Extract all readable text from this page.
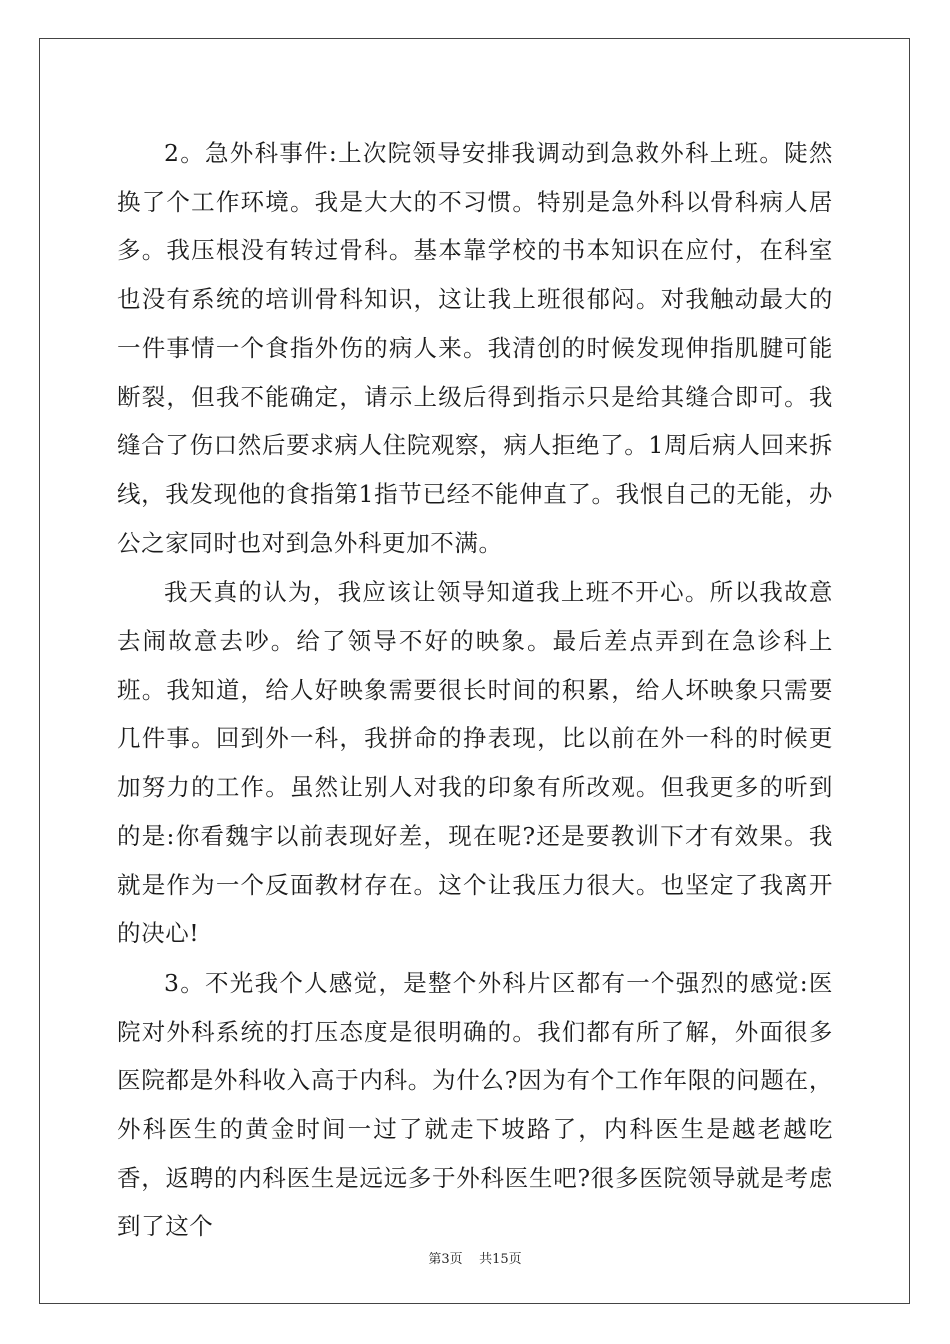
2。急外科事件:上次院领导安排我调动到急救外科上班。陡然换了个工作环境。我是大大的不习惯。特别是急外科以骨科病人居多。我压根没有转过骨科。基本靠学校的书本知识在应付，在科室也没有系统的培训骨科知识，这让我上班很郁闷。对我触动最大的一件事情一个食指外伤的病人来。我清创的时候发现伸指肌腱可能断裂，但我不能确定，请示上级后得到指示只是给其缝合即可。我缝合了伤口然后要求病人住院观察，病人拒绝了。1周后病人回来拆线，我发现他的食指第1指节已经不能伸直了。我恨自己的无能，办公之家同时也对到急外科更加不满。

我天真的认为，我应该让领导知道我上班不开心。所以我故意去闹故意去吵。给了领导不好的映象。最后差点弄到在急诊科上班。我知道，给人好映象需要很长时间的积累，给人坏映象只需要几件事。回到外一科，我拼命的挣表现，比以前在外一科的时候更加努力的工作。虽然让别人对我的印象有所改观。但我更多的听到的是:你看魏宇以前表现好差，现在呢?还是要教训下才有效果。我就是作为一个反面教材存在。这个让我压力很大。也坚定了我离开的决心!

3。不光我个人感觉，是整个外科片区都有一个强烈的感觉:医院对外科系统的打压态度是很明确的。我们都有所了解，外面很多医院都是外科收入高于内科。为什么?因为有个工作年限的问题在，外科医生的黄金时间一过了就走下坡路了，内科医生是越老越吃香，返聘的内科医生是远远多于外科医生吧?很多医院领导就是考虑到了这个

第3页 共15页
